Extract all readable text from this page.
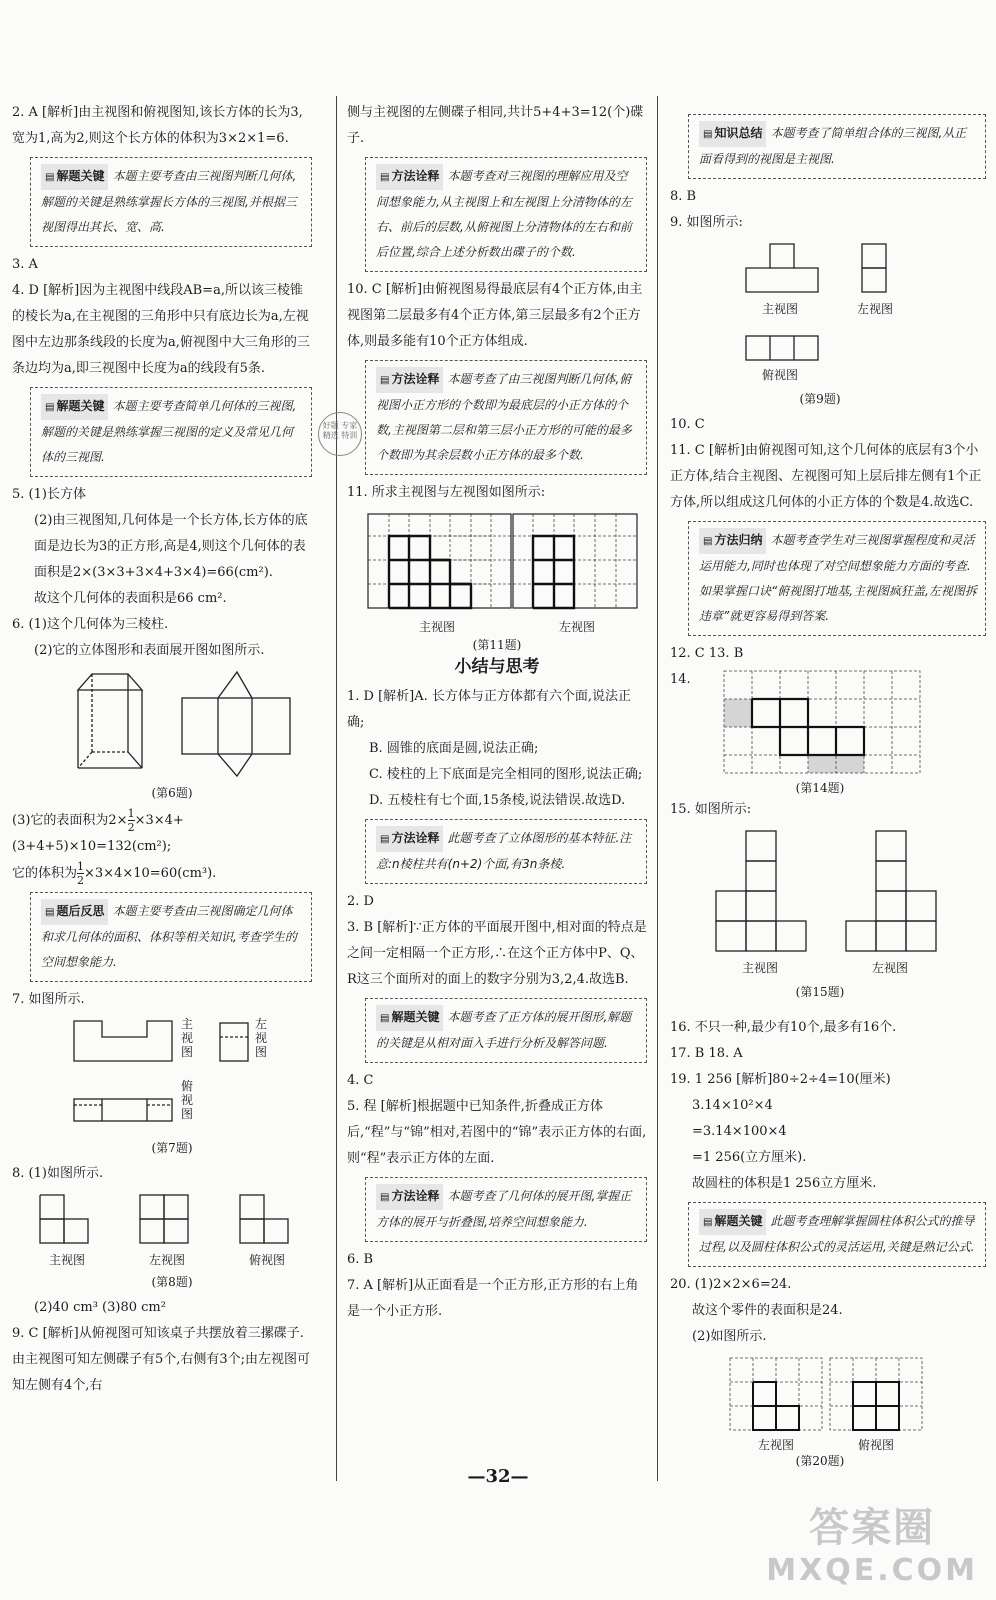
2. A [解析]由主视图和俯视图知,该长方体的长为3,宽为1,高为2,则这个长方体的体积为3×2×1=6.

▤ 解题关键 本题主要考查由三视图判断几何体,解题的关键是熟练掌握长方体的三视图,并根据三视图得出其长、宽、高.

3. A

4. D [解析]因为主视图中线段AB=a,所以该三棱锥的棱长为a,在主视图的三角形中只有底边长为a,左视图中左边那条线段的长度为a,俯视图中大三角形的三条边均为a,即三视图中长度为a的线段有5条.

▤ 解题关键 本题主要考查简单几何体的三视图,解题的关键是熟练掌握三视图的定义及常见几何体的三视图.

5. (1)长方体

(2)由三视图知,几何体是一个长方体,长方体的底面是边长为3的正方形,高是4,则这个几何体的表面积是2×(3×3+3×4+3×4)=66(cm²).

故这个几何体的表面积是66 cm².

6. (1)这个几何体为三棱柱.

(2)它的立体图形和表面展开图如图所示.

(第6题)

(3)它的表面积为$2\times \frac{1}{2} \times 3\times 4+$

(3+4+5)×10=132(cm²);

它的体积为 $\frac{1}{2} \times 3\times 4\times 10=60(cm^3)$.

▤ 题后反思 本题主要考查由三视图确定几何体和求几何体的面积、体积等相关知识,考查学生的空间想象能力.

7. 如图所示.

主视图
左视图
俯视图
(第7题)

8. (1)如图所示.

主视图	左视图	俯视图
(第8题)

(2)40 cm³ (3)80 cm²

9. C [解析]从俯视图可知该桌子共摆放着三摞碟子.由主视图可知左侧碟子有5个,右侧有3个;由左视图可知左侧有4个,右

侧与主视图的左侧碟子相同,共计5+4+3=12(个)碟子.

▤ 方法诠释 本题考查对三视图的理解应用及空间想象能力,从主视图上和左视图上分清物体的左右、前后的层数,从俯视图上分清物体的左右和前后位置,综合上述分析数出碟子的个数.

10. C [解析]由俯视图易得最底层有4个正方体,由主视图第二层最多有4个正方体,第三层最多有2个正方体,则最多能有10个正方体组成.

▤ 方法诠释 本题考查了由三视图判断几何体,俯视图小正方形的个数即为最底层的小正方体的个数,主视图第二层和第三层小正方形的可能的最多个数即为其余层数小正方体的最多个数.

11. 所求主视图与左视图如图所示:

主视图	左视图
(第11题)
小结与思考

1. D [解析]A. 长方体与正方体都有六个面,说法正确;

B. 圆锥的底面是圆,说法正确;

C. 棱柱的上下底面是完全相同的图形,说法正确;

D. 五棱柱有七个面,15条棱,说法错误.故选D.

▤ 方法诠释 此题考查了立体图形的基本特征.注意:n棱柱共有(n+2)个面,有3n条棱.

2. D

3. B [解析]∵正方体的平面展开图中,相对面的特点是之间一定相隔一个正方形,∴在这个正方体中P、Q、R这三个面所对的面上的数字分别为3,2,4.故选B.

▤ 解题关键 本题考查了正方体的展开图形,解题的关键是从相对面入手进行分析及解答问题.

4. C

5. 程 [解析]根据题中已知条件,折叠成正方体后,“程”与“锦”相对,若图中的“锦”表示正方体的右面,则“程”表示正方体的左面.

▤ 方法诠释 本题考查了几何体的展开图,掌握正方体的展开与折叠图,培养空间想象能力.

6. B

7. A [解析]从正面看是一个正方形,正方形的右上角是一个小正方形.

好题 专家精选 特训
▤ 知识总结 本题考查了简单组合体的三视图,从正面看得到的视图是主视图.

8. B

9. 如图所示:

主视图	左视图
俯视图
(第9题)

10. C

11. C [解析]由俯视图可知,这个几何体的底层有3个小正方体,结合主视图、左视图可知上层后排左侧有1个正方体,所以组成这几何体的小正方体的个数是4.故选C.

▤ 方法归纳 本题考查学生对三视图掌握程度和灵活运用能力,同时也体现了对空间想象能力方面的考查.如果掌握口诀“俯视图打地基,主视图疯狂盖,左视图拆违章”就更容易得到答案.

12. C 13. B

14.

(第14题)

15. 如图所示:

主视图	左视图
(第15题)

16. 不只一种,最少有10个,最多有16个.

17. B 18. A

19. 1 256 [解析]80÷2÷4=10(厘米)

3.14×10²×4

=3.14×100×4

=1 256(立方厘米).

故圆柱的体积是1 256立方厘米.

▤ 解题关键 此题考查理解掌握圆柱体积公式的推导过程,以及圆柱体积公式的灵活运用,关键是熟记公式.

20. (1)2×2×6=24.

故这个零件的表面积是24.

(2)如图所示.

左视图	俯视图
(第20题)
—32—
答案圈
MXQE.COM
